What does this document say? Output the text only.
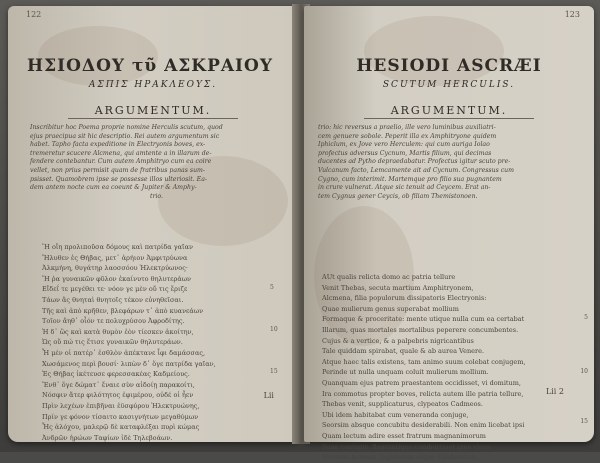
122
ΗΣΙΟΔΟΥ τῦ ΑΣΚΡΑΙΟΥ
ΑΣΠΙΣ ΗΡΑΚΛΕΟΥΣ.
ARGUMENTUM.
Inscribitur hoc Poema proprie nomine Herculis scutum, quod
ejus praecipua sit hic descriptio. Rei autem argumentum sic
habet. Tapho facta expeditione in Electryonis boves, ex-
tremeretur scucere Alcmena, qui amtente a in illarum de-
fendere contebantur. Cum autem Amphitryo cum ea coire
vellet, non prius permisit quam de fratribus panas sum-
psisset. Quamobrem ipse se possesse illos ulteriosit. Ea-
dem antem nocte cum ea coeunt & Jupiter & Amphy-
trio.
Ἢ οἵη προλιποῦσα δόμους καὶ πατρίδα γαῖαν
Ἤλυθεν ἐς Θήβας, μετ᾽ ἀρήιον Ἀμφιτρύωνα
Ἀλκμήνη, θυγάτηρ λαοσσόου Ἠλεκτρύωνος·
Ἥ ῥα γυναικῶν φῦλον ἐκαίνυτο θηλυτεράων
Εἴδεΐ τε μεγέθει τε· νόον γε μὲν οὔ τις ἔριζε
Τάων ἃς θνηταὶ θνητοῖς τέκον εὐνηθεῖσαι.
Τῆς καὶ ἀπὸ κρῆθεν, βλεφάρων τ᾽ ἀπὸ κυανεάων
Τοῖον ἄηθ᾽ οἷόν τε πολυχρύσου Ἀφροδίτης.
Ἡ δ᾽ ὣς καὶ κατὰ θυμὸν ἐὸν τίεσκεν ἀκοίτην,
Ὡς οὔ πώ τις ἔτισε γυναικῶν θηλυτεράων.
Ἦ μέν οἱ πατέρ᾽ ἐσθλὸν ἀπέκτανε ἶφι δαμάσσας,
Χωσάμενος περὶ βουσί· λιπὼν δ᾽ ὅγε πατρίδα γαῖαν,
Ἐς Θήβας ἱκέτευσε φερεσσακέας Καδμείους.
Ἔνθ᾽ ὅγε δώματ᾽ ἔναιε σὺν αἰδοίῃ παρακοίτι,
Νόσφιν ἄτερ φιλότητος ἐφιμέρου, οὐδέ οἱ ἦεν
Πρὶν λεχέων ἐπιβῆναι ἐϋσφύρου Ἠλεκτρυώνης,
Πρίν γε φόνον τίσαιτο κασιγνήτων μεγαθύμων
Ἧς ἀλόχου, μαλερῷ δὲ καταφλέξαι πυρὶ κώμας
Ἀνδρῶν ἡρώων Ταφίων ἰδὲ Τηλεβοάων.
5
10
15
Lii
123
HESIODI ASCRÆI
SCUTUM HERCULIS.
ARGUMENTUM.
trio: hic reversus a praelio, ille vero luminibus auxiliatri-
cem genuere sobole. Peperit illa ex Amphitryone quidem
Iphiclum, ex Jove vero Herculem: qui cum auriga Iolao
profectus adversus Cycnum, Martis filium, qui decimas
ducentes ad Pytho depraedabatur. Profectus igitur scuto pre-
Vulcanum facto, Lemcamente ait ad Cycnum. Congressus cum
Cygno, cum interimit. Martemque pro filio sua pugnantem
in crure vulnerat. Atque sic tenuit ad Ceycem. Erat an-
tem Cygnus gener Ceycis, ob filiam Themistonoen.
AUt qualis relicta domo ac patria tellure
Venit Thebas, secuta martium Amphitryonem,
Alcmena, filia populorum dissipatoris Electryonis:
Quae mulierum genus superabat mollium
Formaque & proceritate: mente utique nulla cum ea certabat
Illarum, quas mortales mortalibus peperere concumbentes.
Cujus & a vertice, & a palpebris nigricantibus
Tale quiddam spirabat, quale & ab aurea Venere.
Atque haec talis existens, tam animo suum colebat conjugem,
Perinde ut nulla unquam coluit mulierum mollium.
Quanquam ejus patrem praestantem occidisset, vi domitum,
Ira commotus propter boves, relicta autem ille patria tellure,
Thebas venit, supplicaturus, clypeatos Cadmeos.
Ubi idem habitabat cum veneranda conjuge,
Seorsim absque concubitu desiderabili. Non enim licebat ipsi
Quam lectum adire esset fratrum magnanimorum
Suae conjugis, flagrantique comburisset igne vicos
Virorum heroum Taphiorum atque Teleboarum.
5
10
15
Lii 2
